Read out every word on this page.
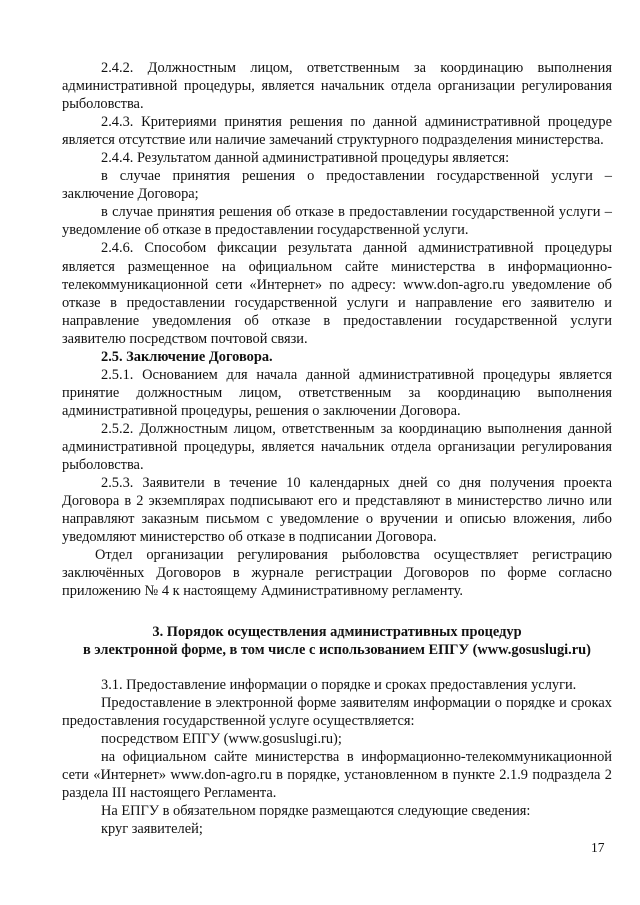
2.4.2. Должностным лицом, ответственным за координацию выполнения административной процедуры, является начальник отдела организации регулирования рыболовства.

2.4.3. Критериями принятия решения по данной административной процедуре является отсутствие или наличие замечаний структурного подразделения министерства.

2.4.4. Результатом данной административной процедуры является:

в случае принятия решения о предоставлении государственной услуги – заключение Договора;

в случае принятия решения об отказе в предоставлении государственной услуги – уведомление об отказе в предоставлении государственной услуги.

2.4.6. Способом фиксации результата данной административной процедуры является размещенное на официальном сайте министерства в информационно-телекоммуникационной сети «Интернет» по адресу: www.don-agro.ru уведомление об отказе в предоставлении государственной услуги и направление его заявителю и направление уведомления об отказе в предоставлении государственной услуги заявителю посредством почтовой связи.

2.5. Заключение Договора.

2.5.1. Основанием для начала данной административной процедуры является принятие должностным лицом, ответственным за координацию выполнения административной процедуры, решения о заключении Договора.

2.5.2. Должностным лицом, ответственным за координацию выполнения данной административной процедуры, является начальник отдела организации регулирования рыболовства.

2.5.3. Заявители в течение 10 календарных дней со дня получения проекта Договора в 2 экземплярах подписывают его и представляют в министерство лично или направляют заказным письмом с уведомление о вручении и описью вложения, либо уведомляют министерство об отказе в подписании Договора.

Отдел организации регулирования рыболовства осуществляет регистрацию заключённых Договоров в журнале регистрации Договоров по форме согласно приложению № 4 к настоящему Административному регламенту.

3. Порядок осуществления административных процедур

в электронной форме, в том числе с использованием ЕПГУ (www.gosuslugi.ru)

3.1. Предоставление информации о порядке и сроках предоставления услуги.

Предоставление в электронной форме заявителям информации о порядке и сроках предоставления государственной услуге осуществляется:

посредством ЕПГУ (www.gosuslugi.ru);

на официальном сайте министерства в информационно-телекоммуникационной сети «Интернет» www.don-agro.ru в порядке, установленном в пункте 2.1.9 подраздела 2 раздела III настоящего Регламента.

На ЕПГУ в обязательном порядке размещаются следующие сведения:

круг заявителей;

17
